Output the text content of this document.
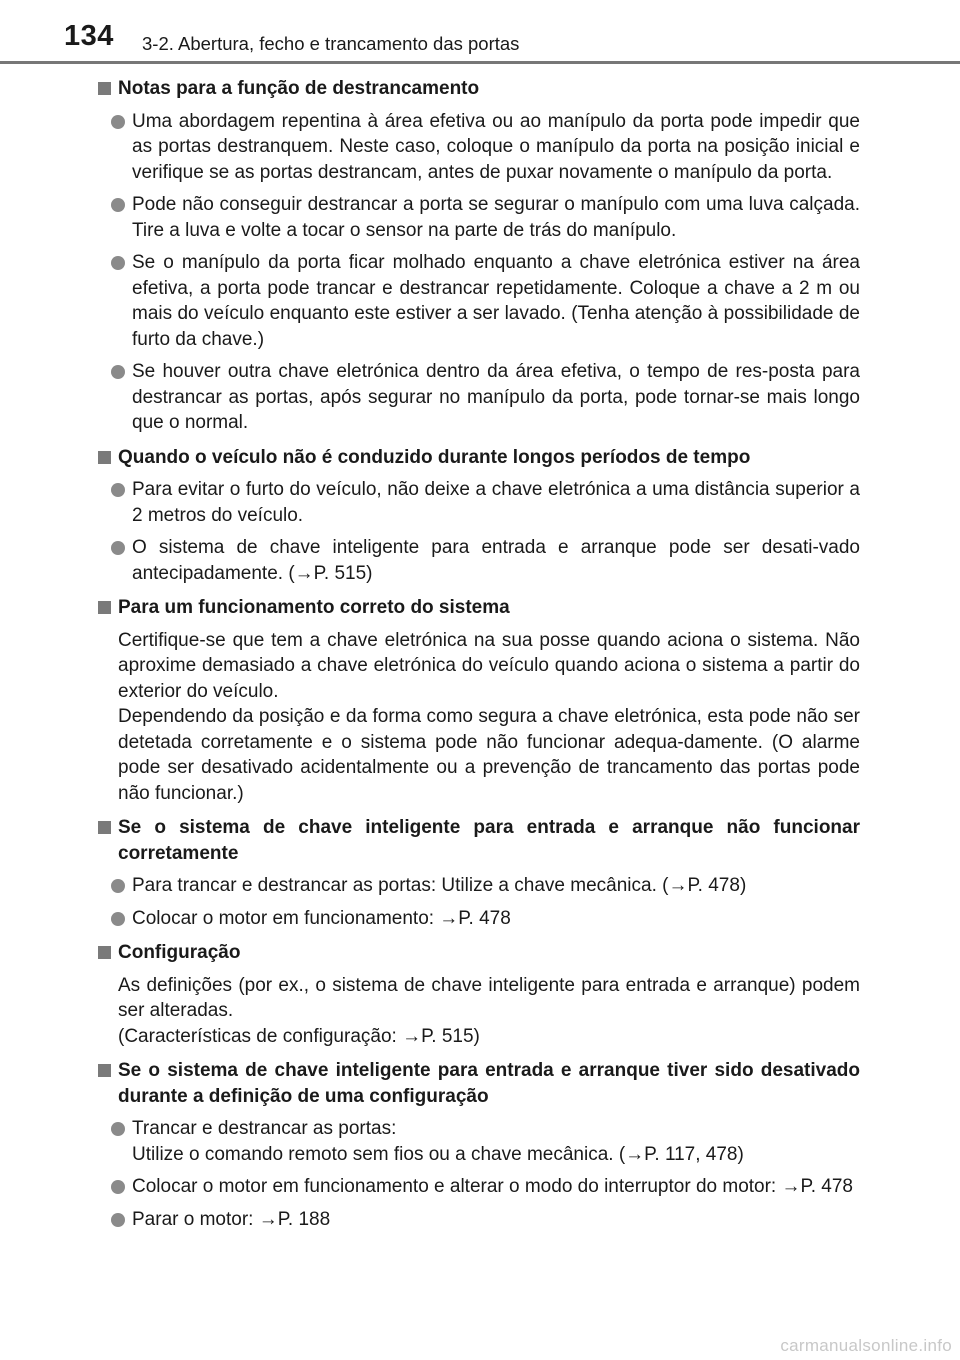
134 3-2. Abertura, fecho e trancamento das portas
Notas para a função de destrancamento
Uma abordagem repentina à área efetiva ou ao manípulo da porta pode impedir que as portas destranquem. Neste caso, coloque o manípulo da porta na posição inicial e verifique se as portas destrancam, antes de puxar novamente o manípulo da porta.
Pode não conseguir destrancar a porta se segurar o manípulo com uma luva calçada. Tire a luva e volte a tocar o sensor na parte de trás do manípulo.
Se o manípulo da porta ficar molhado enquanto a chave eletrónica estiver na área efetiva, a porta pode trancar e destrancar repetidamente. Coloque a chave a 2 m ou mais do veículo enquanto este estiver a ser lavado. (Tenha atenção à possibilidade de furto da chave.)
Se houver outra chave eletrónica dentro da área efetiva, o tempo de res-posta para destrancar as portas, após segurar no manípulo da porta, pode tornar-se mais longo que o normal.
Quando o veículo não é conduzido durante longos períodos de tempo
Para evitar o furto do veículo, não deixe a chave eletrónica a uma distância superior a 2 metros do veículo.
O sistema de chave inteligente para entrada e arranque pode ser desati-vado antecipadamente. (→P. 515)
Para um funcionamento correto do sistema
Certifique-se que tem a chave eletrónica na sua posse quando aciona o sistema. Não aproxime demasiado a chave eletrónica do veículo quando aciona o sistema a partir do exterior do veículo.
Dependendo da posição e da forma como segura a chave eletrónica, esta pode não ser detetada corretamente e o sistema pode não funcionar adequa-damente. (O alarme pode ser desativado acidentalmente ou a prevenção de trancamento das portas pode não funcionar.)
Se o sistema de chave inteligente para entrada e arranque não funcionar corretamente
Para trancar e destrancar as portas: Utilize a chave mecânica. (→P. 478)
Colocar o motor em funcionamento: →P. 478
Configuração
As definições (por ex., o sistema de chave inteligente para entrada e arranque) podem ser alteradas.
(Características de configuração: →P. 515)
Se o sistema de chave inteligente para entrada e arranque tiver sido desativado durante a definição de uma configuração
Trancar e destrancar as portas:
Utilize o comando remoto sem fios ou a chave mecânica. (→P. 117, 478)
Colocar o motor em funcionamento e alterar o modo do interruptor do motor: →P. 478
Parar o motor: →P. 188
carmanualsonline.info
